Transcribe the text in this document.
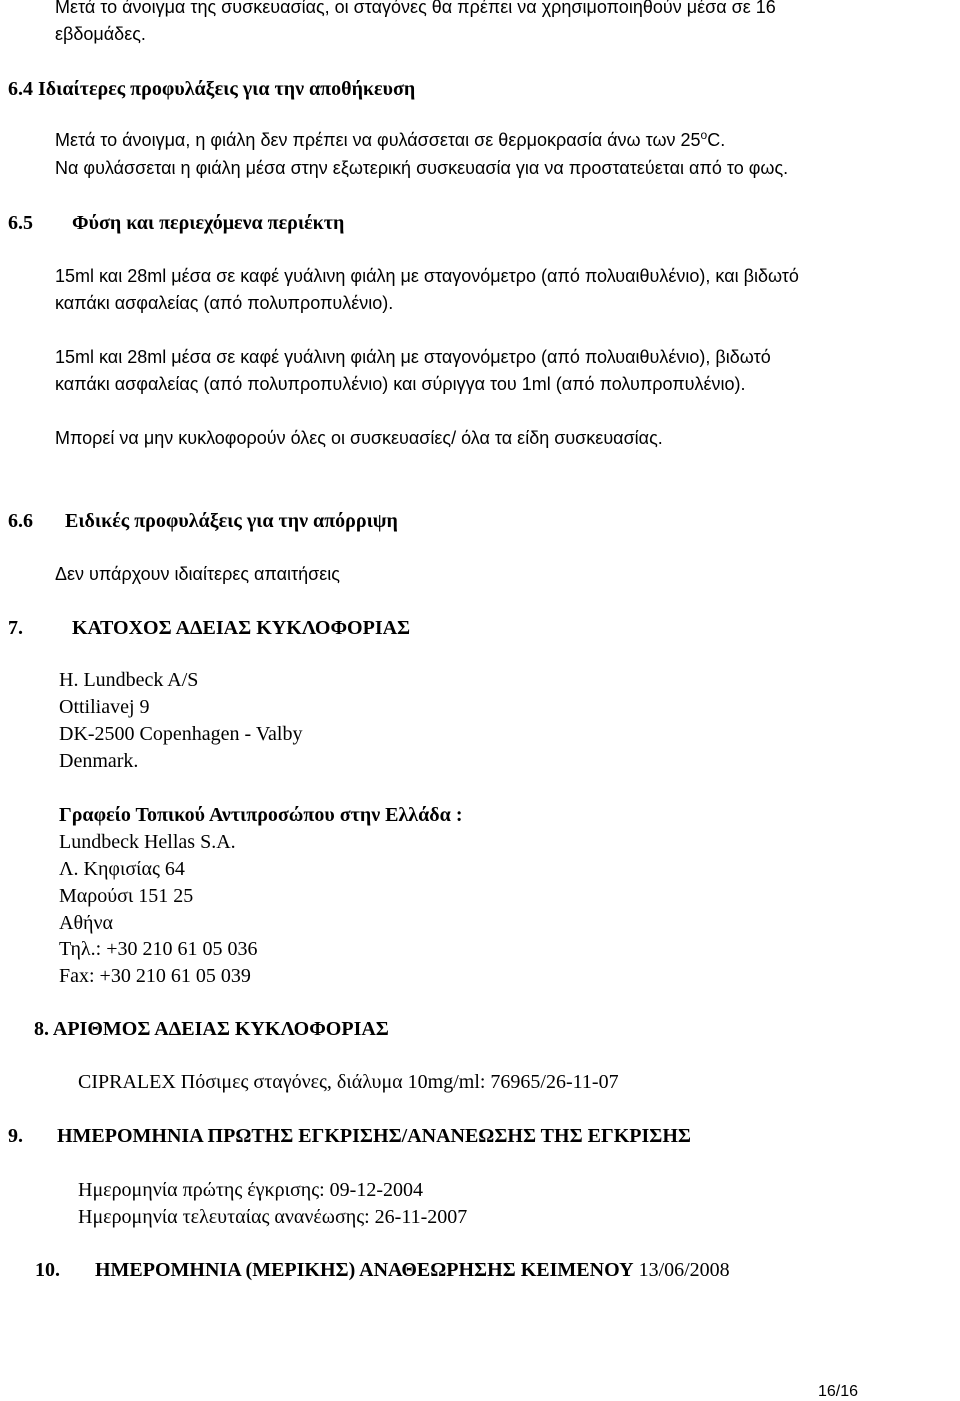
Μετά το άνοιγμα της συσκευασίας, οι σταγόνες θα πρέπει να χρησιμοποιηθούν μέσα σε 16
εβδομάδες.
6.4 Ιδιαίτερες προφυλάξεις για την αποθήκευση
Μετά το άνοιγμα, η φιάλη δεν πρέπει να φυλάσσεται σε θερμοκρασία άνω των 25$^o$C.
Να φυλάσσεται η φιάλη μέσα στην εξωτερική συσκευασία για να προστατεύεται από το φως.
6.5 Φύση και περιεχόμενα περιέκτη
15ml και 28ml μέσα σε καφέ γυάλινη φιάλη με σταγονόμετρο (από πολυαιθυλένιο), και βιδωτό
καπάκι ασφαλείας (από πολυπροπυλένιο).
15ml και 28ml μέσα σε καφέ γυάλινη φιάλη με σταγονόμετρο (από πολυαιθυλένιο), βιδωτό
καπάκι ασφαλείας (από πολυπροπυλένιο) και σύριγγα του 1ml (από πολυπροπυλένιο).
Μπορεί να μην κυκλοφορούν όλες οι συσκευασίες/ όλα τα είδη συσκευασίας.
6.6 Ειδικές προφυλάξεις για την απόρριψη
Δεν υπάρχουν ιδιαίτερες απαιτήσεις
7. ΚΑΤΟΧΟΣ ΑΔΕΙΑΣ ΚΥΚΛΟΦΟΡΙΑΣ
H. Lundbeck A/S
Ottiliavej 9
DK-2500 Copenhagen - Valby
Denmark.
Γραφείο Τοπικού Αντιπροσώπου στην Ελλάδα :
Lundbeck Hellas S.A.
Λ. Κηφισίας 64
Μαρούσι 151 25
Αθήνα
Τηλ.: +30 210 61 05 036
Fax: +30 210 61 05 039
8. ΑΡΙΘΜΟΣ ΑΔΕΙΑΣ ΚΥΚΛΟΦΟΡΙΑΣ
CIPRALEX Πόσιμες σταγόνες, διάλυμα 10mg/ml: 76965/26-11-07
9. ΗΜΕΡΟΜΗΝΙΑ ΠΡΩΤΗΣ ΕΓΚΡΙΣΗΣ/ΑΝΑΝΕΩΣΗΣ ΤΗΣ ΕΓΚΡΙΣΗΣ
Ημερομηνία πρώτης έγκρισης: 09-12-2004
Ημερομηνία τελευταίας ανανέωσης: 26-11-2007
10. ΗΜΕΡΟΜΗΝΙΑ (ΜΕΡΙΚΗΣ) ΑΝΑΘΕΩΡΗΣΗΣ ΚΕΙΜΕΝΟΥ 13/06/2008
16/16
